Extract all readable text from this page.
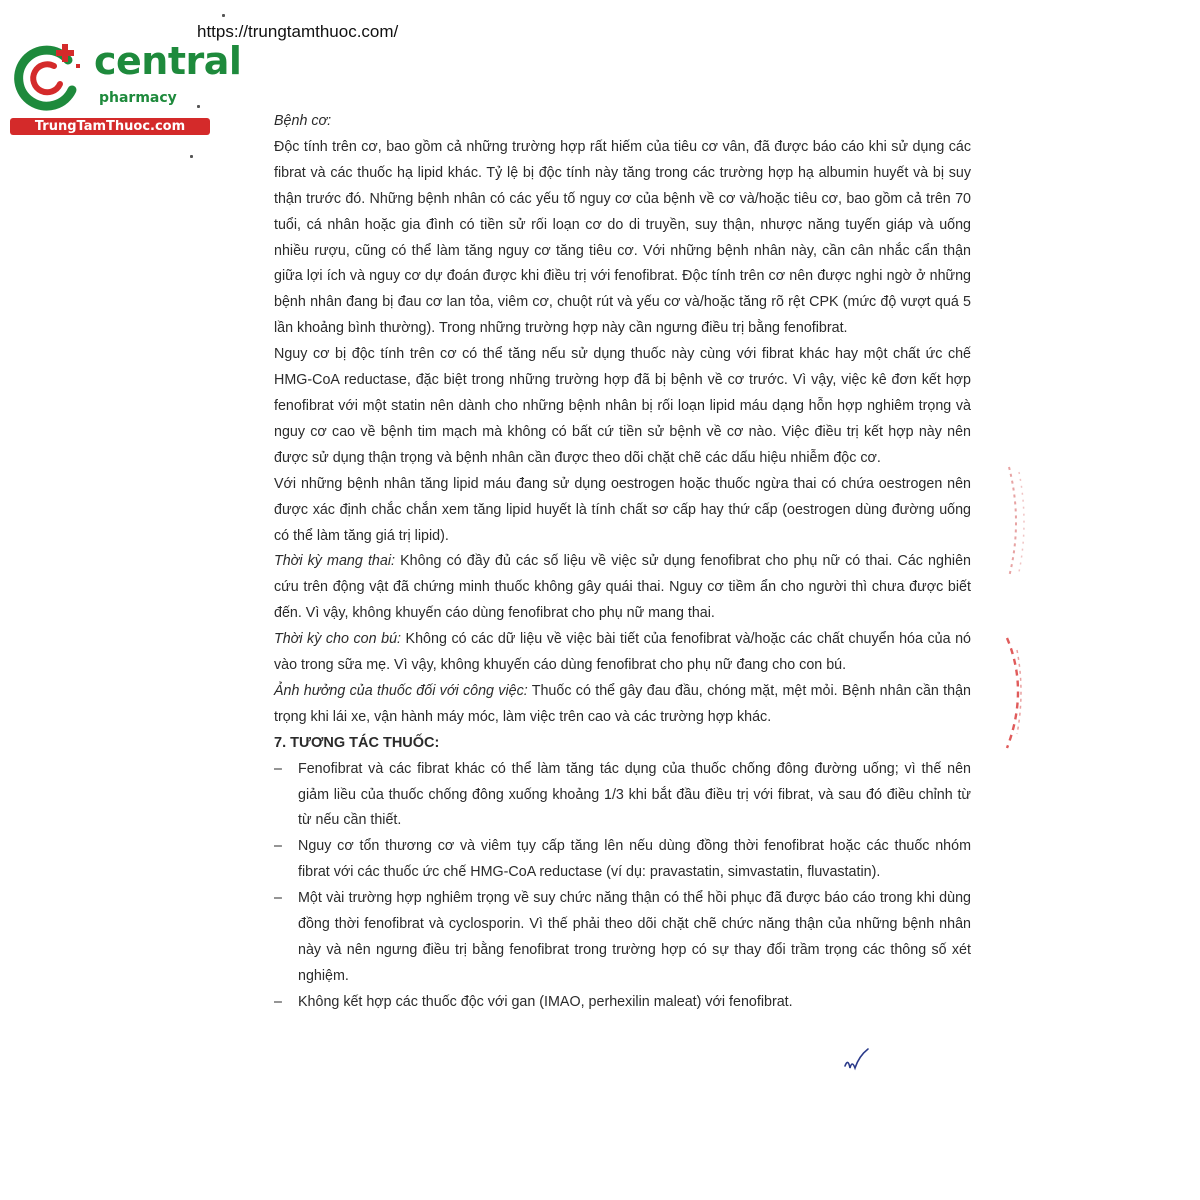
https://trungtamthuoc.com/
central
pharmacy
TrungTamThuoc.com	Bệnh cơ:

Độc tính trên cơ, bao gồm cả những trường hợp rất hiếm của tiêu cơ vân, đã được báo cáo khi sử dụng các fibrat và các thuốc hạ lipid khác. Tỷ lệ bị độc tính này tăng trong các trường hợp hạ albumin huyết và bị suy thận trước đó. Những bệnh nhân có các yếu tố nguy cơ của bệnh về cơ và/hoặc tiêu cơ, bao gồm cả trên 70 tuổi, cá nhân hoặc gia đình có tiền sử rối loạn cơ do di truyền, suy thận, nhược năng tuyến giáp và uống nhiều rượu, cũng có thể làm tăng nguy cơ tăng tiêu cơ. Với những bệnh nhân này, cần cân nhắc cẩn thận giữa lợi ích và nguy cơ dự đoán được khi điều trị với fenofibrat. Độc tính trên cơ nên được nghi ngờ ở những bệnh nhân đang bị đau cơ lan tỏa, viêm cơ, chuột rút và yếu cơ và/hoặc tăng rõ rệt CPK (mức độ vượt quá 5 lần khoảng bình thường). Trong những trường hợp này cần ngưng điều trị bằng fenofibrat.

Nguy cơ bị độc tính trên cơ có thể tăng nếu sử dụng thuốc này cùng với fibrat khác hay một chất ức chế HMG-CoA reductase, đặc biệt trong những trường hợp đã bị bệnh về cơ trước. Vì vậy, việc kê đơn kết hợp fenofibrat với một statin nên dành cho những bệnh nhân bị rối loạn lipid máu dạng hỗn hợp nghiêm trọng và nguy cơ cao về bệnh tim mạch mà không có bất cứ tiền sử bệnh về cơ nào. Việc điều trị kết hợp này nên được sử dụng thận trọng và bệnh nhân cần được theo dõi chặt chẽ các dấu hiệu nhiễm độc cơ.

Với những bệnh nhân tăng lipid máu đang sử dụng oestrogen hoặc thuốc ngừa thai có chứa oestrogen nên được xác định chắc chắn xem tăng lipid huyết là tính chất sơ cấp hay thứ cấp (oestrogen dùng đường uống có thể làm tăng giá trị lipid).

Thời kỳ mang thai: Không có đầy đủ các số liệu về việc sử dụng fenofibrat cho phụ nữ có thai. Các nghiên cứu trên động vật đã chứng minh thuốc không gây quái thai. Nguy cơ tiềm ẩn cho người thì chưa được biết đến. Vì vậy, không khuyến cáo dùng fenofibrat cho phụ nữ mang thai.

Thời kỳ cho con bú: Không có các dữ liệu về việc bài tiết của fenofibrat và/hoặc các chất chuyển hóa của nó vào trong sữa mẹ. Vì vậy, không khuyến cáo dùng fenofibrat cho phụ nữ đang cho con bú.

Ảnh hưởng của thuốc đối với công việc: Thuốc có thể gây đau đầu, chóng mặt, mệt mỏi. Bệnh nhân cần thận trọng khi lái xe, vận hành máy móc, làm việc trên cao và các trường hợp khác.

7. TƯƠNG TÁC THUỐC:

– Fenofibrat và các fibrat khác có thể làm tăng tác dụng của thuốc chống đông đường uống; vì thế nên giảm liều của thuốc chống đông xuống khoảng 1/3 khi bắt đầu điều trị với fibrat, và sau đó điều chỉnh từ từ nếu cần thiết.
– Nguy cơ tổn thương cơ và viêm tụy cấp tăng lên nếu dùng đồng thời fenofibrat hoặc các thuốc nhóm fibrat với các thuốc ức chế HMG-CoA reductase (ví dụ: pravastatin, simvastatin, fluvastatin).
– Một vài trường hợp nghiêm trọng về suy chức năng thận có thể hồi phục đã được báo cáo trong khi dùng đồng thời fenofibrat và cyclosporin. Vì thế phải theo dõi chặt chẽ chức năng thận của những bệnh nhân này và nên ngưng điều trị bằng fenofibrat trong trường hợp có sự thay đổi trầm trọng các thông số xét nghiệm.
– Không kết hợp các thuốc độc với gan (IMAO, perhexilin maleat) với fenofibrat.
